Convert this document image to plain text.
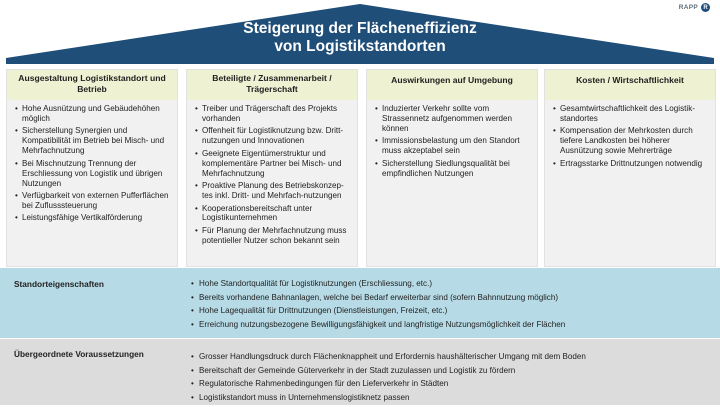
Steigerung der Flächeneffizienz
von Logistikstandorten
RAPP R
Ausgestaltung Logistikstandort und Betrieb
• Hohe Ausnützung und Gebäudehöhen möglich
• Sicherstellung Synergien und Kompatibilität im Betrieb bei Misch- und Mehrfachnutzung
• Bei Mischnutzung Trennung der Erschliessung von Logistik und übrigen Nutzungen
• Verfügbarkeit von externen Pufferflächen bei Zuflusssteuerung
• Leistungsfähige Vertikalförderung
Beteiligte / Zusammenarbeit / Trägerschaft
• Treiber und Trägerschaft des Projekts vorhanden
• Offenheit für Logistiknutzung bzw. Dritt-nutzungen und Innovationen
• Geeignete Eigentümerstruktur und komplementäre Partner bei Misch- und Mehrfachnutzung
• Proaktive Planung des Betriebskonzep-tes inkl. Dritt- und Mehrfach-nutzungen
• Kooperationsbereitschaft unter Logistikunternehmen
• Für Planung der Mehrfachnutzung muss potentieller Nutzer schon bekannt sein
Auswirkungen auf Umgebung
• Induzierter Verkehr sollte vom Strassennetz aufgenommen werden können
• Immissionsbelastung um den Standort muss akzeptabel sein
• Sicherstellung Siedlungsqualität bei empfindlichen Nutzungen
Kosten / Wirtschaftlichkeit
• Gesamtwirtschaftlichkeit des Logistik-standortes
• Kompensation der Mehrkosten durch tiefere Landkosten bei höherer Ausnützung sowie Mehrerträge
• Ertragsstarke Drittnutzungen notwendig
Standorteigenschaften	• Hohe Standortqualität für Logistiknutzungen (Erschliessung, etc.)
• Bereits vorhandene Bahnanlagen, welche bei Bedarf erweiterbar sind (sofern Bahnnutzung möglich)
• Hohe Lagequalität für Drittnutzungen (Dienstleistungen, Freizeit, etc.)
• Erreichung nutzungsbezogene Bewilligungsfähigkeit und langfristige Nutzungsmöglichkeit der Flächen
Übergeordnete Voraussetzungen	• Grosser Handlungsdruck durch Flächenknappheit und Erfordernis haushälterischer Umgang mit dem Boden
• Bereitschaft der Gemeinde Güterverkehr in der Stadt zuzulassen und Logistik zu fördern
• Regulatorische Rahmenbedingungen für den Lieferverkehr in Städten
• Logistikstandort muss in Unternehmenslogistiknetz passen
